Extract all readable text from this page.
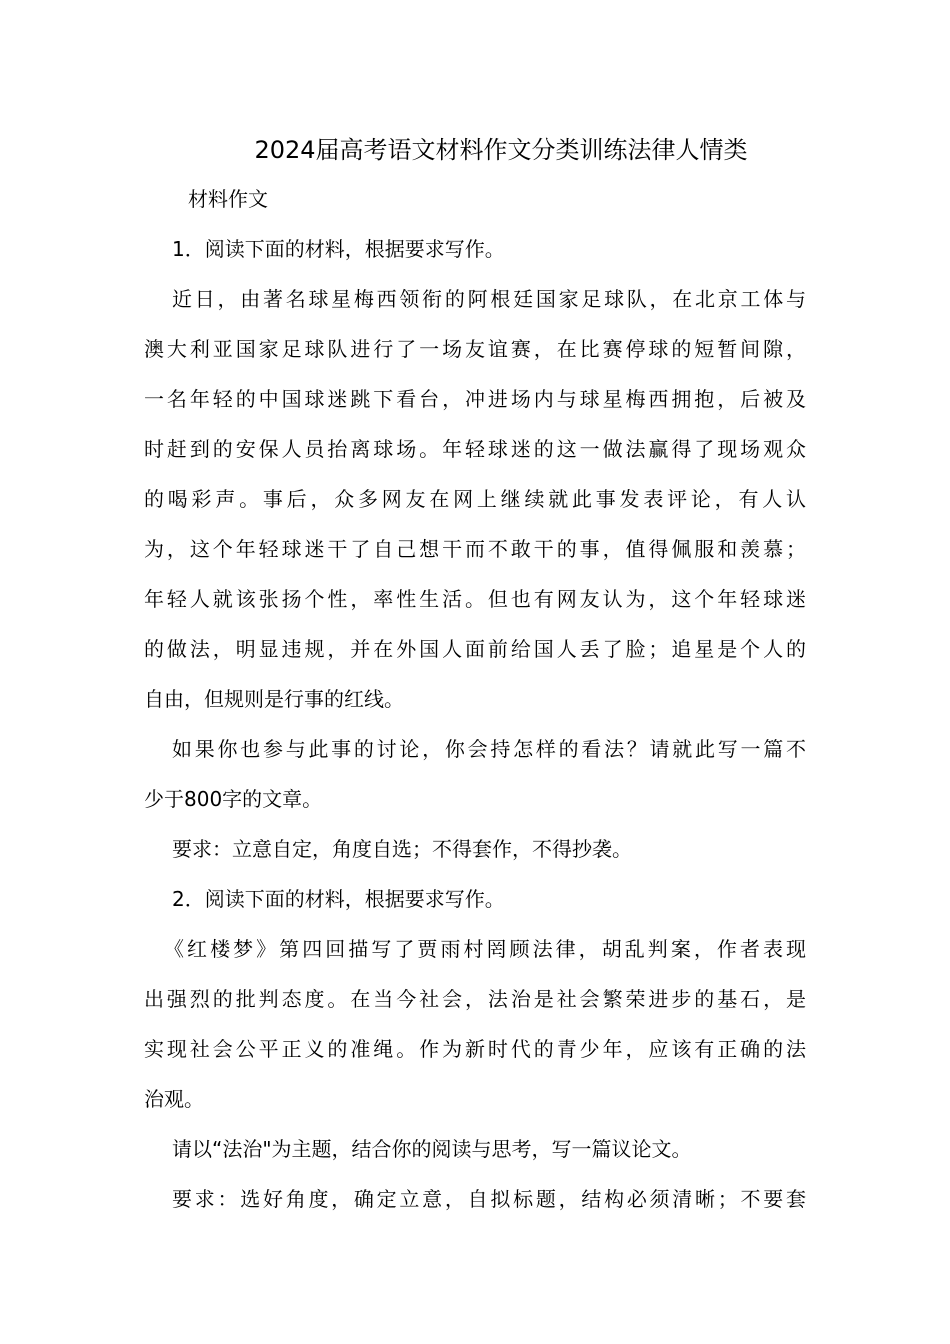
2024届高考语文材料作文分类训练法律人情类
材料作文
1．阅读下面的材料，根据要求写作。
近日，由著名球星梅西领衔的阿根廷国家足球队，在北京工体与
澳大利亚国家足球队进行了一场友谊赛，在比赛停球的短暂间隙，
一名年轻的中国球迷跳下看台，冲进场内与球星梅西拥抱，后被及
时赶到的安保人员抬离球场。年轻球迷的这一做法赢得了现场观众
的喝彩声。事后，众多网友在网上继续就此事发表评论，有人认
为，这个年轻球迷干了自己想干而不敢干的事，值得佩服和羡慕；
年轻人就该张扬个性，率性生活。但也有网友认为，这个年轻球迷
的做法，明显违规，并在外国人面前给国人丢了脸；追星是个人的
自由，但规则是行事的红线。
如果你也参与此事的讨论，你会持怎样的看法？请就此写一篇不
少于800字的文章。
要求：立意自定，角度自选；不得套作，不得抄袭。
2．阅读下面的材料，根据要求写作。
《红楼梦》第四回描写了贾雨村罔顾法律，胡乱判案，作者表现
出强烈的批判态度。在当今社会，法治是社会繁荣进步的基石，是
实现社会公平正义的准绳。作为新时代的青少年，应该有正确的法
治观。
请以“法治"为主题，结合你的阅读与思考，写一篇议论文。
要求：选好角度，确定立意，自拟标题，结构必须清晰；不要套
